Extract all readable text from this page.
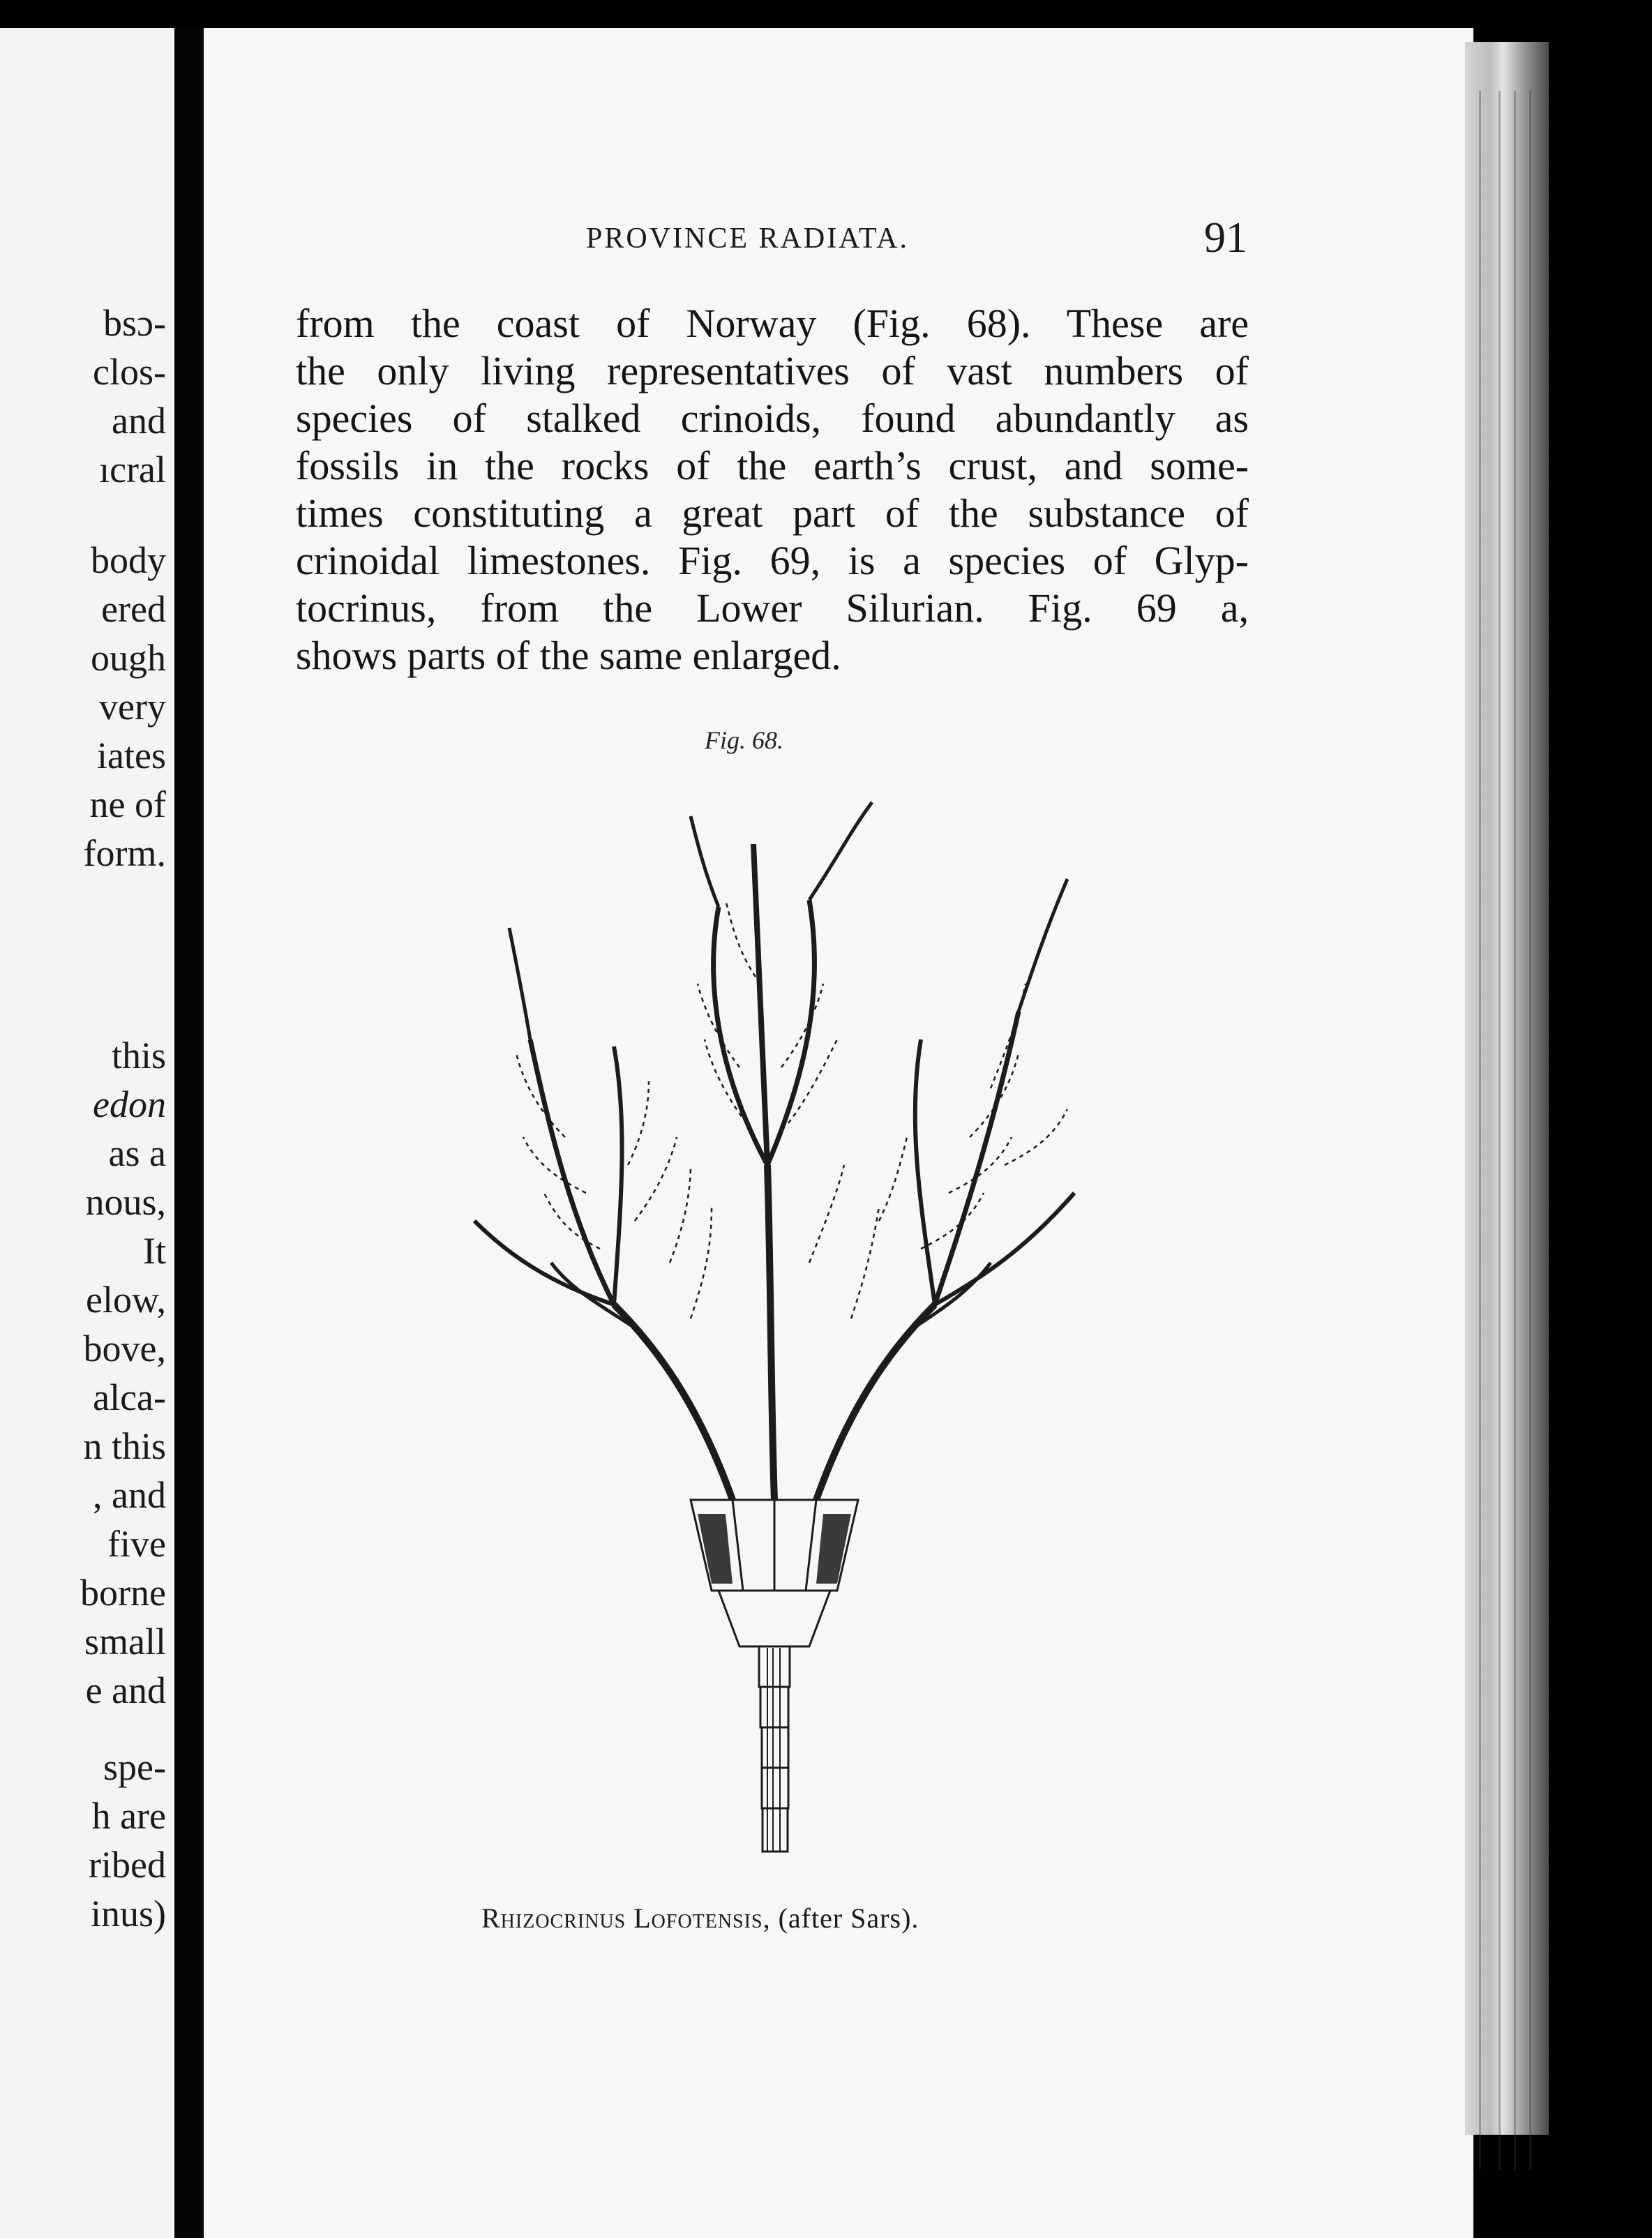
bsɔ-
clos-
and
ıcral
body
ered
ough
very
iates
ne of
form.
this
edon
as a
nous,
It
elow,
bove,
alca-
n this
, and
five
borne
small
e and
spe-
h are
ribed
inus)
PROVINCE RADIATA.	91
from the coast of Norway (Fig. 68). These are
the only living representatives of vast numbers of
species of stalked crinoids, found abundantly as
fossils in the rocks of the earth’s crust, and some-
times constituting a great part of the substance of
crinoidal limestones. Fig. 69, is a species of Glyp-
tocrinus, from the Lower Silurian. Fig. 69 a,
shows parts of the same enlarged.
Fig. 68.
Rhizocrinus Lofotensis, (after Sars).
